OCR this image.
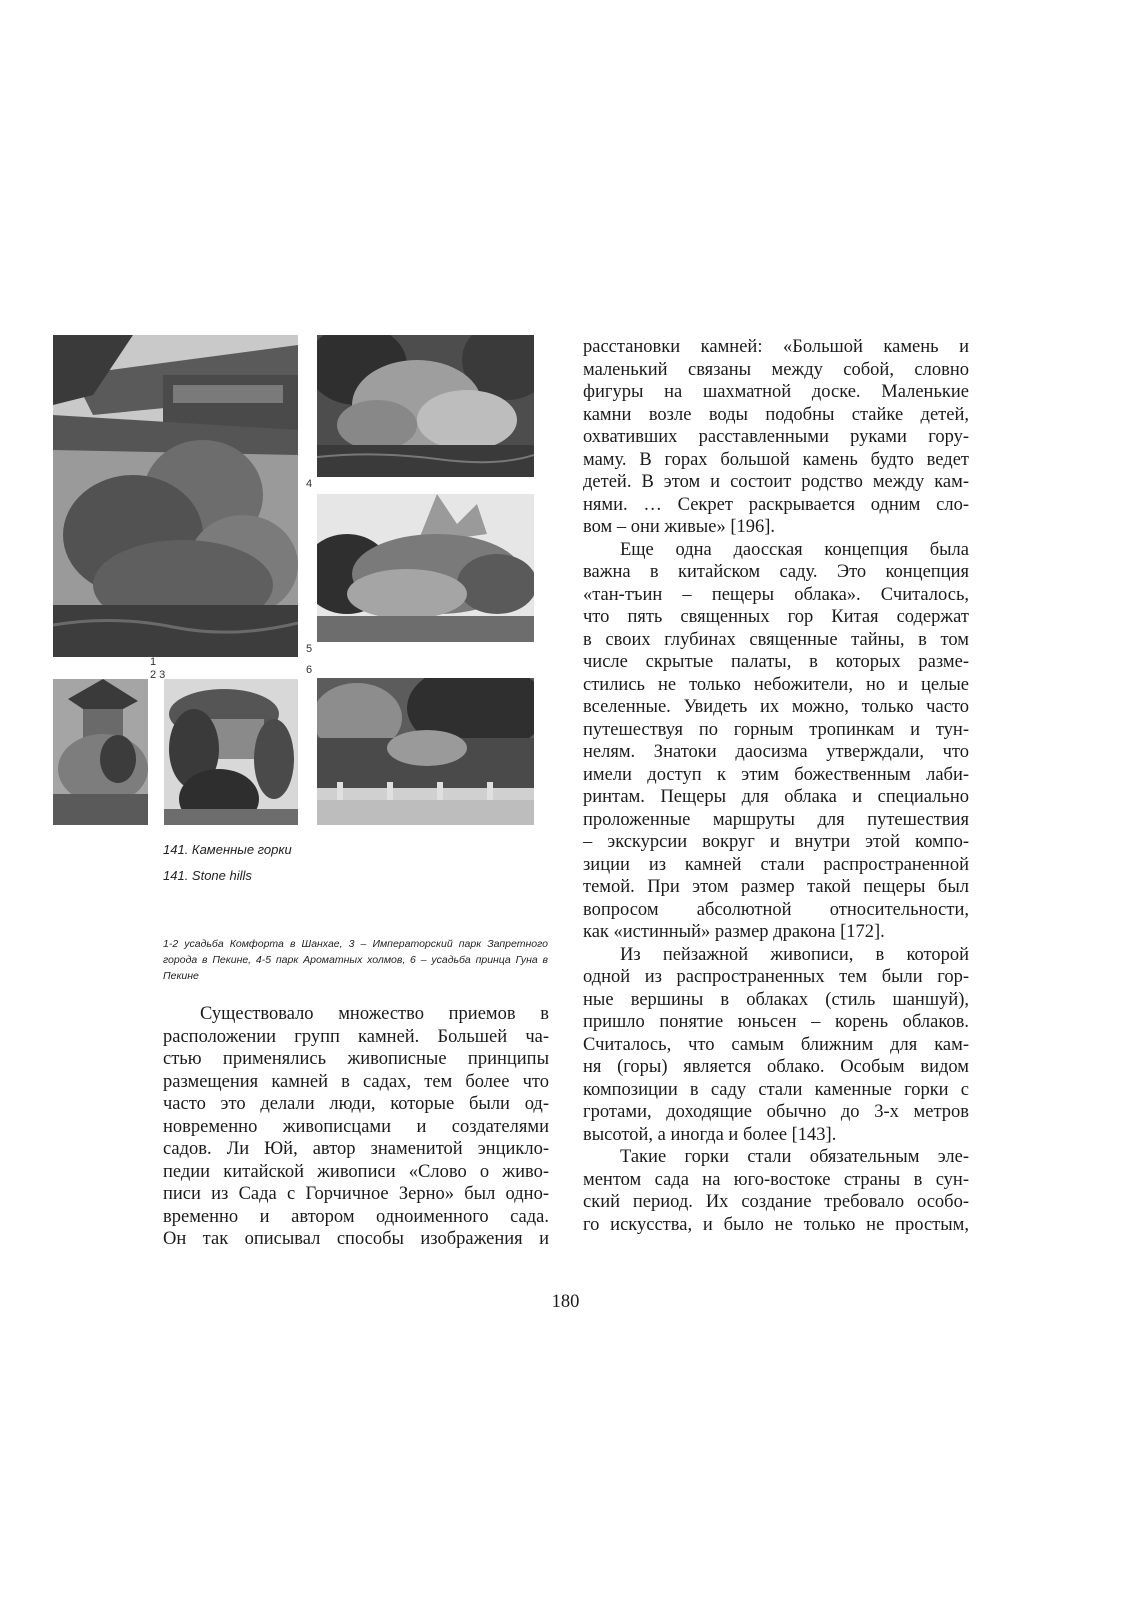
1
2 3
4
5
6
141. Каменные горки
141. Stone hills
1-2 усадьба Комфорта в Шанхае, 3 – Императорский парк Запретного города в Пекине, 4-5 парк Ароматных холмов, 6 – усадьба принца Гуна в Пекине
Существовало множество приемов в
расположении групп камней. Большей ча-
стью применялись живописные принципы
размещения камней в садах, тем более что
часто это делали люди, которые были од-
новременно живописцами и создателями
садов. Ли Юй, автор знаменитой энцикло-
педии китайской живописи «Слово о живо-
писи из Сада с Горчичное Зерно» был одно-
временно и автором одноименного сада.
Он так описывал способы изображения и
расстановки камней: «Большой камень и
маленький связаны между собой, словно
фигуры на шахматной доске. Маленькие
камни возле воды подобны стайке детей,
охвативших расставленными руками гору-
маму. В горах большой камень будто ведет
детей. В этом и состоит родство между кам-
нями. … Секрет раскрывается одним сло-
вом – они живые» [196].
Еще одна даосская концепция была
важна в китайском саду. Это концепция
«тан-тъин – пещеры облака». Считалось,
что пять священных гор Китая содержат
в своих глубинах священные тайны, в том
числе скрытые палаты, в которых разме-
стились не только небожители, но и целые
вселенные. Увидеть их можно, только часто
путешествуя по горным тропинкам и тун-
нелям. Знатоки даосизма утверждали, что
имели доступ к этим божественным лаби-
ринтам. Пещеры для облака и специально
проложенные маршруты для путешествия
– экскурсии вокруг и внутри этой компо-
зиции из камней стали распространенной
темой. При этом размер такой пещеры был
вопросом абсолютной относительности,
как «истинный» размер дракона [172].
Из пейзажной живописи, в которой
одной из распространенных тем были гор-
ные вершины в облаках (стиль шаншуй),
пришло понятие юньсен – корень облаков.
Считалось, что самым ближним для кам-
ня (горы) является облако. Особым видом
композиции в саду стали каменные горки с
гротами, доходящие обычно до 3-х метров
высотой, а иногда и более [143].
Такие горки стали обязательным эле-
ментом сада на юго-востоке страны в сун-
ский период. Их создание требовало особо-
го искусства, и было не только не простым,
180
